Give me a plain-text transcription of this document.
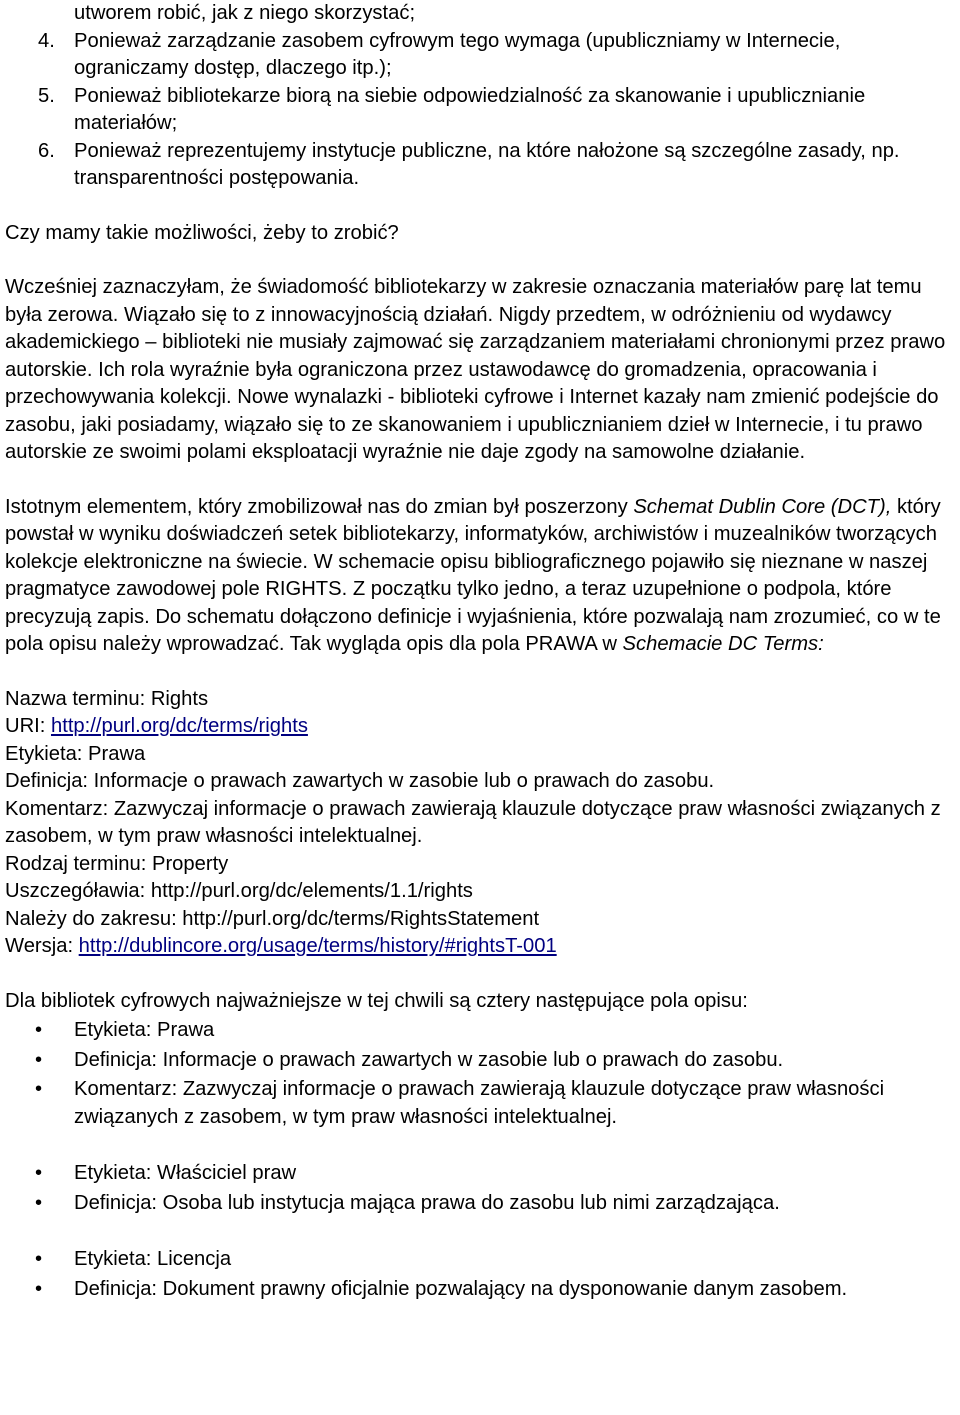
utworem robić, jak z niego skorzystać;
4. Ponieważ zarządzanie zasobem cyfrowym tego wymaga (upubliczniamy w Internecie, ograniczamy dostęp, dlaczego itp.);
5. Ponieważ bibliotekarze biorą na siebie odpowiedzialność za skanowanie i upublicznianie materiałów;
6. Ponieważ reprezentujemy instytucje publiczne, na które nałożone są szczególne zasady, np. transparentności postępowania.

Czy mamy takie możliwości, żeby to zrobić?

Wcześniej zaznaczyłam, że świadomość bibliotekarzy w zakresie oznaczania materiałów parę lat temu była zerowa. Wiązało się to z innowacyjnością działań. Nigdy przedtem, w odróżnieniu od wydawcy akademickiego – biblioteki nie musiały zajmować się zarządzaniem materiałami chronionymi przez prawo autorskie. Ich rola wyraźnie była ograniczona przez ustawodawcę do gromadzenia, opracowania i przechowywania kolekcji. Nowe wynalazki - biblioteki cyfrowe i Internet kazały nam zmienić podejście do zasobu, jaki posiadamy, wiązało się to ze skanowaniem i upublicznianiem dzieł w Internecie, i tu prawo autorskie ze swoimi polami eksploatacji wyraźnie nie daje zgody na samowolne działanie.

Istotnym elementem, który zmobilizował nas do zmian był poszerzony Schemat Dublin Core (DCT), który powstał w wyniku doświadczeń setek bibliotekarzy, informatyków, archiwistów i muzealników tworzących kolekcje elektroniczne na świecie. W schemacie opisu bibliograficznego pojawiło się nieznane w naszej pragmatyce zawodowej pole RIGHTS. Z początku tylko jedno, a teraz uzupełnione o podpola, które precyzują zapis. Do schematu dołączono definicje i wyjaśnienia, które pozwalają nam zrozumieć, co w te pola opisu należy wprowadzać. Tak wygląda opis dla pola PRAWA w Schemacie DC Terms:

Nazwa terminu: Rights

URI: http://purl.org/dc/terms/rights

Etykieta: Prawa

Definicja: Informacje o prawach zawartych w zasobie lub o prawach do zasobu.

Komentarz: Zazwyczaj informacje o prawach zawierają klauzule dotyczące praw własności związanych z zasobem, w tym praw własności intelektualnej.

Rodzaj terminu: Property

Uszczegóławia: http://purl.org/dc/elements/1.1/rights

Należy do zakresu: http://purl.org/dc/terms/RightsStatement

Wersja: http://dublincore.org/usage/terms/history/#rightsT-001

Dla bibliotek cyfrowych najważniejsze w tej chwili są cztery następujące pola opisu:

• Etykieta: Prawa
• Definicja: Informacje o prawach zawartych w zasobie lub o prawach do zasobu.
• Komentarz: Zazwyczaj informacje o prawach zawierają klauzule dotyczące praw własności związanych z zasobem, w tym praw własności intelektualnej.
• Etykieta: Właściciel praw
• Definicja: Osoba lub instytucja mająca prawa do zasobu lub nimi zarządzająca.
• Etykieta: Licencja
• Definicja: Dokument prawny oficjalnie pozwalający na dysponowanie danym zasobem.
